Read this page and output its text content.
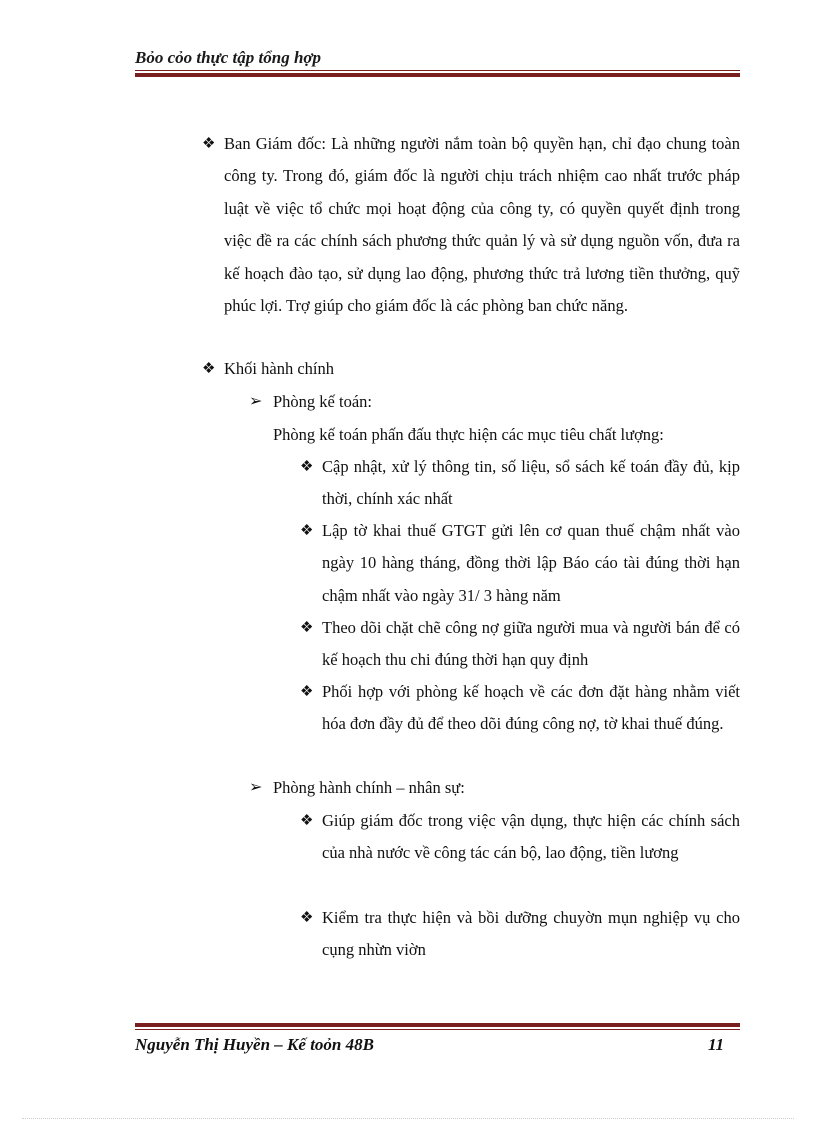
Bỏo cỏo thực tập tổng hợp
❖ Ban Giám đốc: Là những người nắm toàn bộ quyền hạn, chỉ đạo chung toàn công ty. Trong đó, giám đốc là người chịu trách nhiệm cao nhất trước pháp luật về việc tổ chức mọi hoạt động của công ty, có quyền quyết định trong việc đề ra các chính sách phương thức quản lý và sử dụng nguồn vốn, đưa ra kế hoạch đào tạo, sử dụng lao động, phương thức trả lương tiền thưởng, quỹ phúc lợi. Trợ giúp cho giám đốc là các phòng ban chức năng.
❖ Khối hành chính
➢ Phòng kế toán:
Phòng kế toán phấn đấu thực hiện các mục tiêu chất lượng:
❖ Cập nhật, xử lý thông tin, số liệu, sổ sách kế toán đầy đủ, kịp thời, chính xác nhất
❖ Lập tờ khai thuế GTGT gửi lên cơ quan thuế chậm nhất vào ngày 10 hàng tháng, đồng thời lập Báo cáo tài đúng thời hạn chậm nhất vào ngày 31/ 3 hàng năm
❖ Theo dõi chặt chẽ công nợ giữa người mua và người bán để có kế hoạch thu chi đúng thời hạn quy định
❖ Phối hợp với phòng kế hoạch về các đơn đặt hàng nhằm viết hóa đơn đầy đủ để theo dõi đúng công nợ, tờ khai thuế đúng.
➢ Phòng hành chính – nhân sự:
❖ Giúp giám đốc trong việc vận dụng, thực hiện các chính sách của nhà nước về công tác cán bộ, lao động, tiền lương
❖ Kiểm tra thực hiện và bồi dưỡng chuyờn mụn nghiệp vụ cho cụng nhừn viờn
Nguyễn Thị Huyền – Kế toỏn 48B	11
